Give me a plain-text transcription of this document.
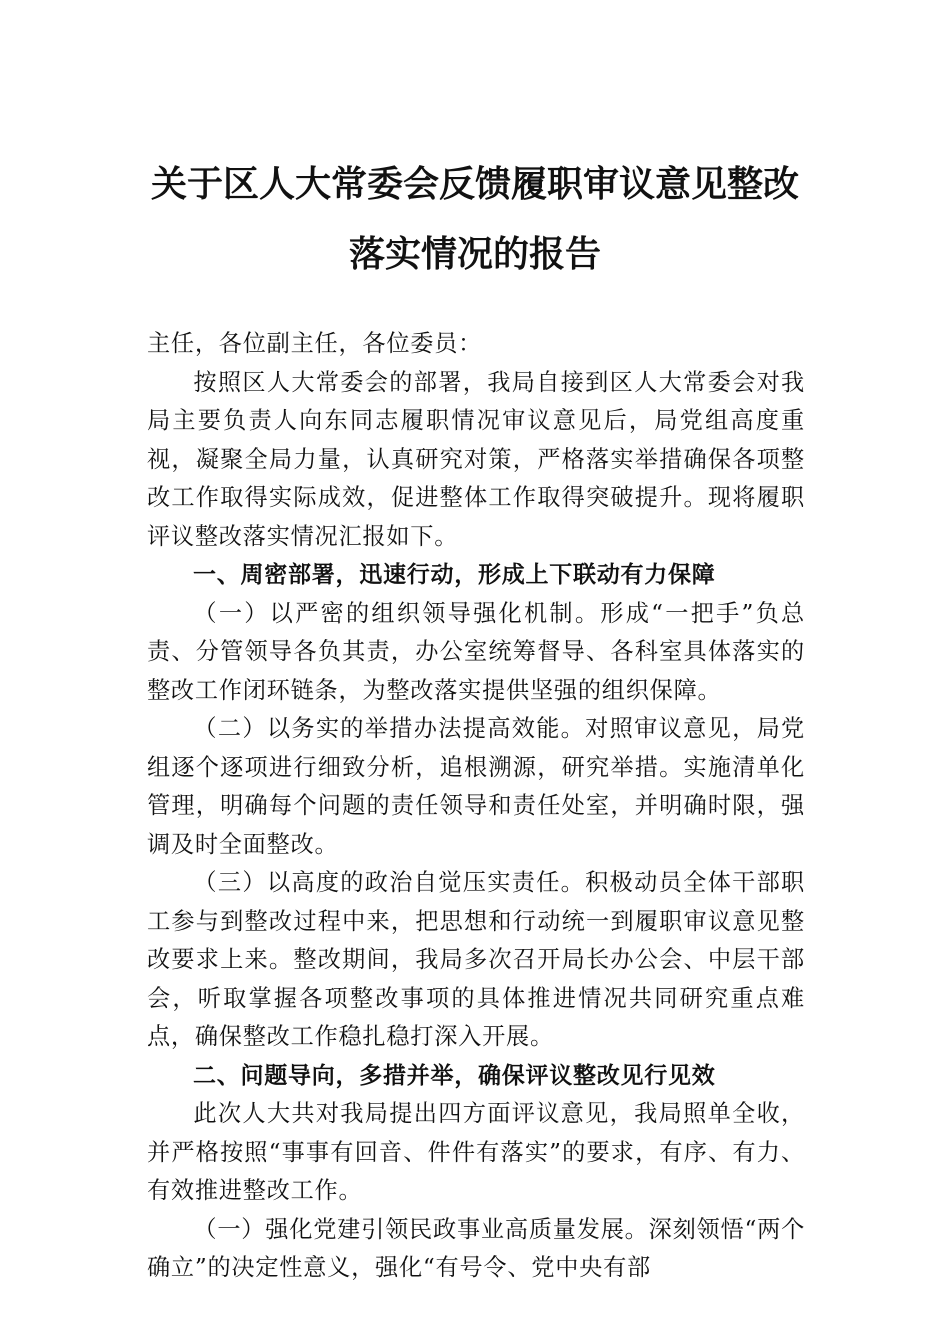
关于区人大常委会反馈履职审议意见整改
落实情况的报告

主任，各位副主任，各位委员：

按照区人大常委会的部署，我局自接到区人大常委会对我局主要负责人向东同志履职情况审议意见后，局党组高度重视，凝聚全局力量，认真研究对策，严格落实举措确保各项整改工作取得实际成效，促进整体工作取得突破提升。现将履职评议整改落实情况汇报如下。

一、周密部署，迅速行动，形成上下联动有力保障

（一）以严密的组织领导强化机制。形成“一把手”负总责、分管领导各负其责，办公室统筹督导、各科室具体落实的整改工作闭环链条，为整改落实提供坚强的组织保障。

（二）以务实的举措办法提高效能。对照审议意见，局党组逐个逐项进行细致分析，追根溯源，研究举措。实施清单化管理，明确每个问题的责任领导和责任处室，并明确时限，强调及时全面整改。

（三）以高度的政治自觉压实责任。积极动员全体干部职工参与到整改过程中来，把思想和行动统一到履职审议意见整改要求上来。整改期间，我局多次召开局长办公会、中层干部会，听取掌握各项整改事项的具体推进情况共同研究重点难点，确保整改工作稳扎稳打深入开展。

二、问题导向，多措并举，确保评议整改见行见效

此次人大共对我局提出四方面评议意见，我局照单全收，并严格按照“事事有回音、件件有落实”的要求，有序、有力、有效推进整改工作。

（一）强化党建引领民政事业高质量发展。深刻领悟“两个确立”的决定性意义，强化“有号令、党中央有部
